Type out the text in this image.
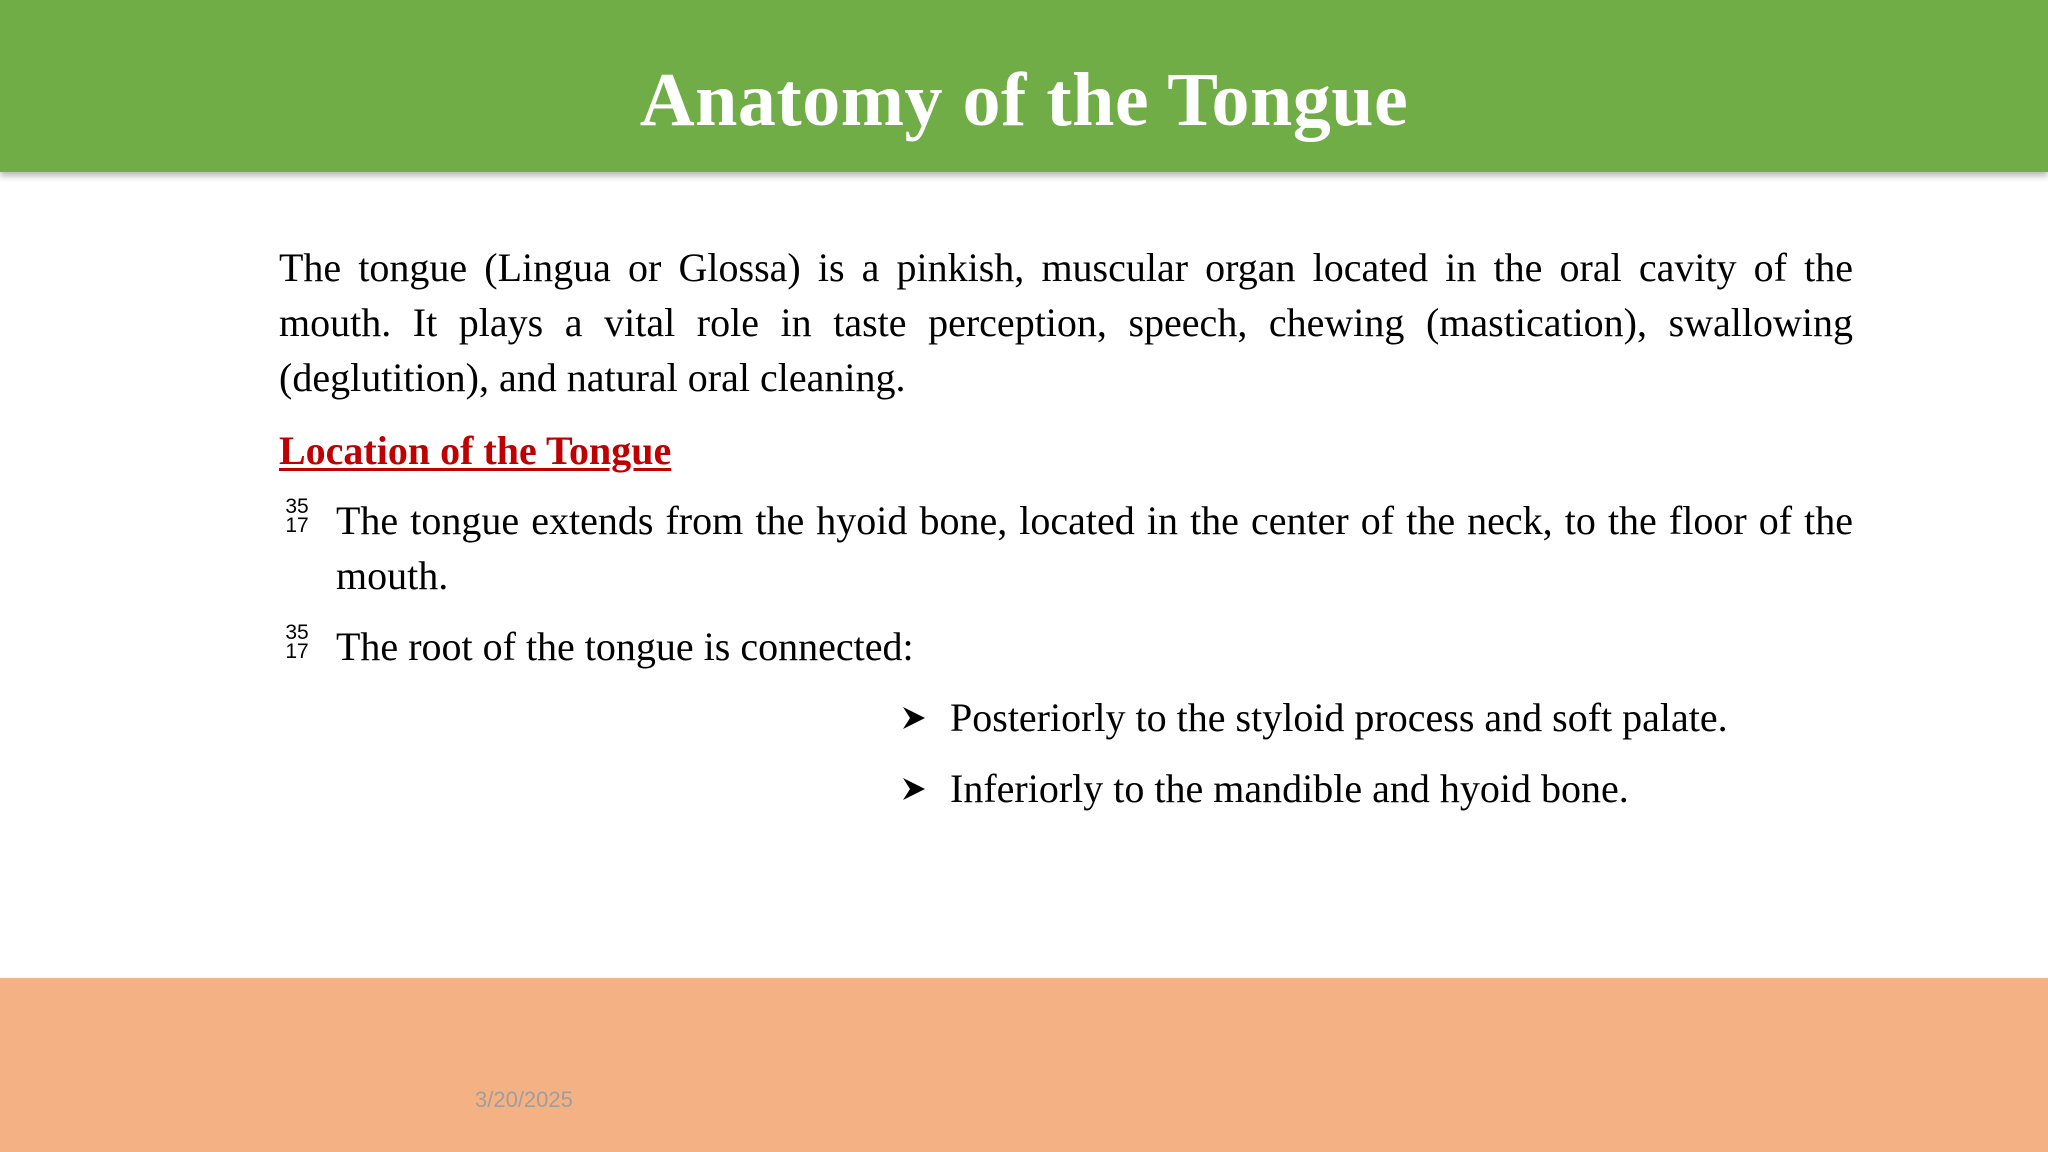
Anatomy of the Tongue

The tongue (Lingua or Glossa) is a pinkish, muscular organ located in the oral cavity of the mouth. It plays a vital role in taste perception, speech, chewing (mastication), swallowing (deglutition), and natural oral cleaning.

Location of the Tongue
35
17 The tongue extends from the hyoid bone, located in the center of the neck, to the floor of the mouth.
35
17 The root of the tongue is connected:
Posteriorly to the styloid process and soft palate.
Inferiorly to the mandible and hyoid bone.
3/20/2025
